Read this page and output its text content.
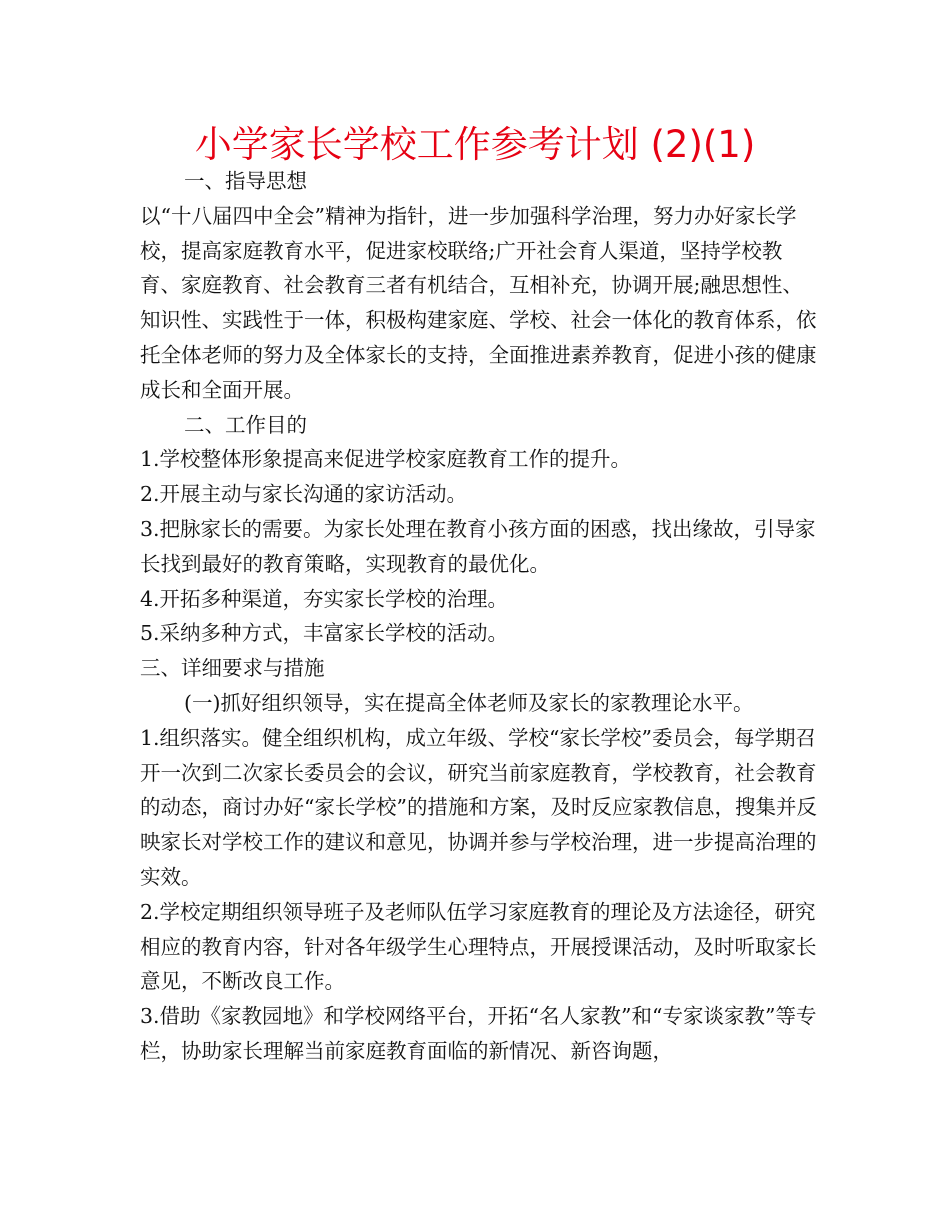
小学家长学校工作参考计划 (2)(1)

一、指导思想

以“十八届四中全会”精神为指针，进一步加强科学治理，努力办好家长学校，提高家庭教育水平，促进家校联络;广开社会育人渠道，坚持学校教育、家庭教育、社会教育三者有机结合，互相补充，协调开展;融思想性、知识性、实践性于一体，积极构建家庭、学校、社会一体化的教育体系，依托全体老师的努力及全体家长的支持，全面推进素养教育，促进小孩的健康成长和全面开展。

二、工作目的

1.学校整体形象提高来促进学校家庭教育工作的提升。

2.开展主动与家长沟通的家访活动。

3.把脉家长的需要。为家长处理在教育小孩方面的困惑，找出缘故，引导家长找到最好的教育策略，实现教育的最优化。

4.开拓多种渠道，夯实家长学校的治理。

5.采纳多种方式，丰富家长学校的活动。

三、详细要求与措施

(一)抓好组织领导，实在提高全体老师及家长的家教理论水平。

1.组织落实。健全组织机构，成立年级、学校“家长学校”委员会，每学期召开一次到二次家长委员会的会议，研究当前家庭教育，学校教育，社会教育的动态，商讨办好“家长学校”的措施和方案，及时反应家教信息，搜集并反映家长对学校工作的建议和意见，协调并参与学校治理，进一步提高治理的实效。

2.学校定期组织领导班子及老师队伍学习家庭教育的理论及方法途径，研究相应的教育内容，针对各年级学生心理特点，开展授课活动，及时听取家长意见，不断改良工作。

3.借助《家教园地》和学校网络平台，开拓“名人家教”和“专家谈家教”等专栏，协助家长理解当前家庭教育面临的新情况、新咨询题，
